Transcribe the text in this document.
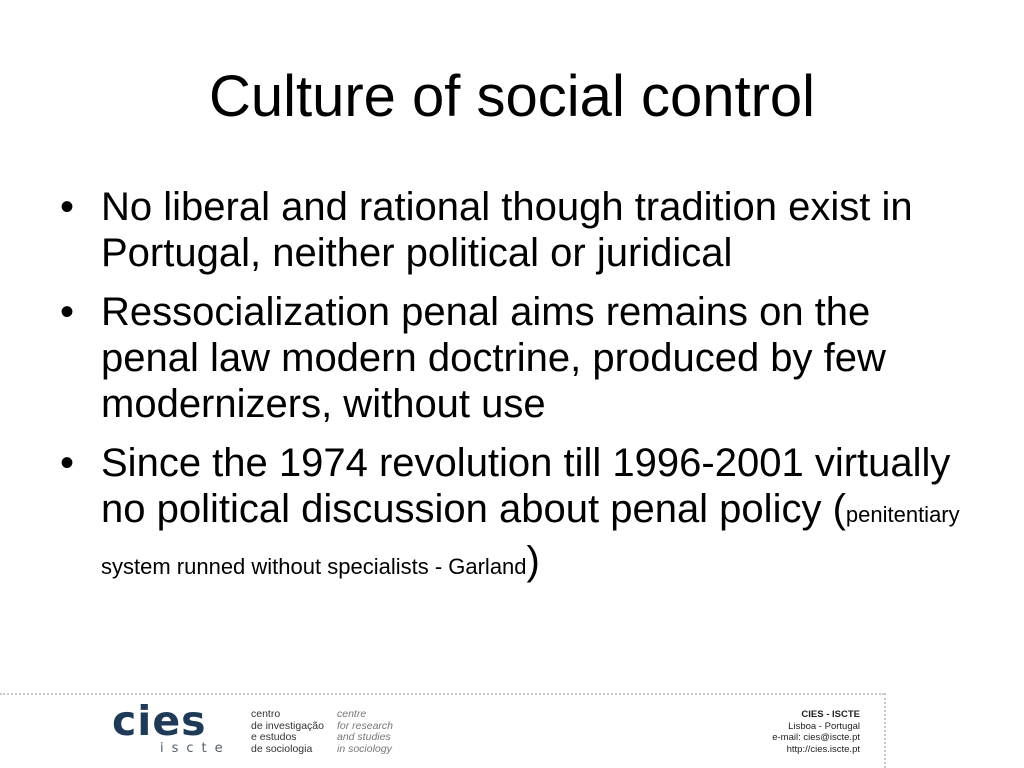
Culture of social control
• No liberal and rational though tradition exist in Portugal, neither political or juridical
• Ressocialization penal aims remains on the penal law modern doctrine, produced by few modernizers, without use
• Since the 1974 revolution till 1996-2001 virtually no political discussion about penal policy (penitentiary system runned without specialists - Garland)
cies
iscte
centro
de investigação
e estudos
de sociologia
centre
for research
and studies
in sociology
CIES - ISCTE
Lisboa - Portugal
e-mail: cies@iscte.pt
http://cies.iscte.pt
